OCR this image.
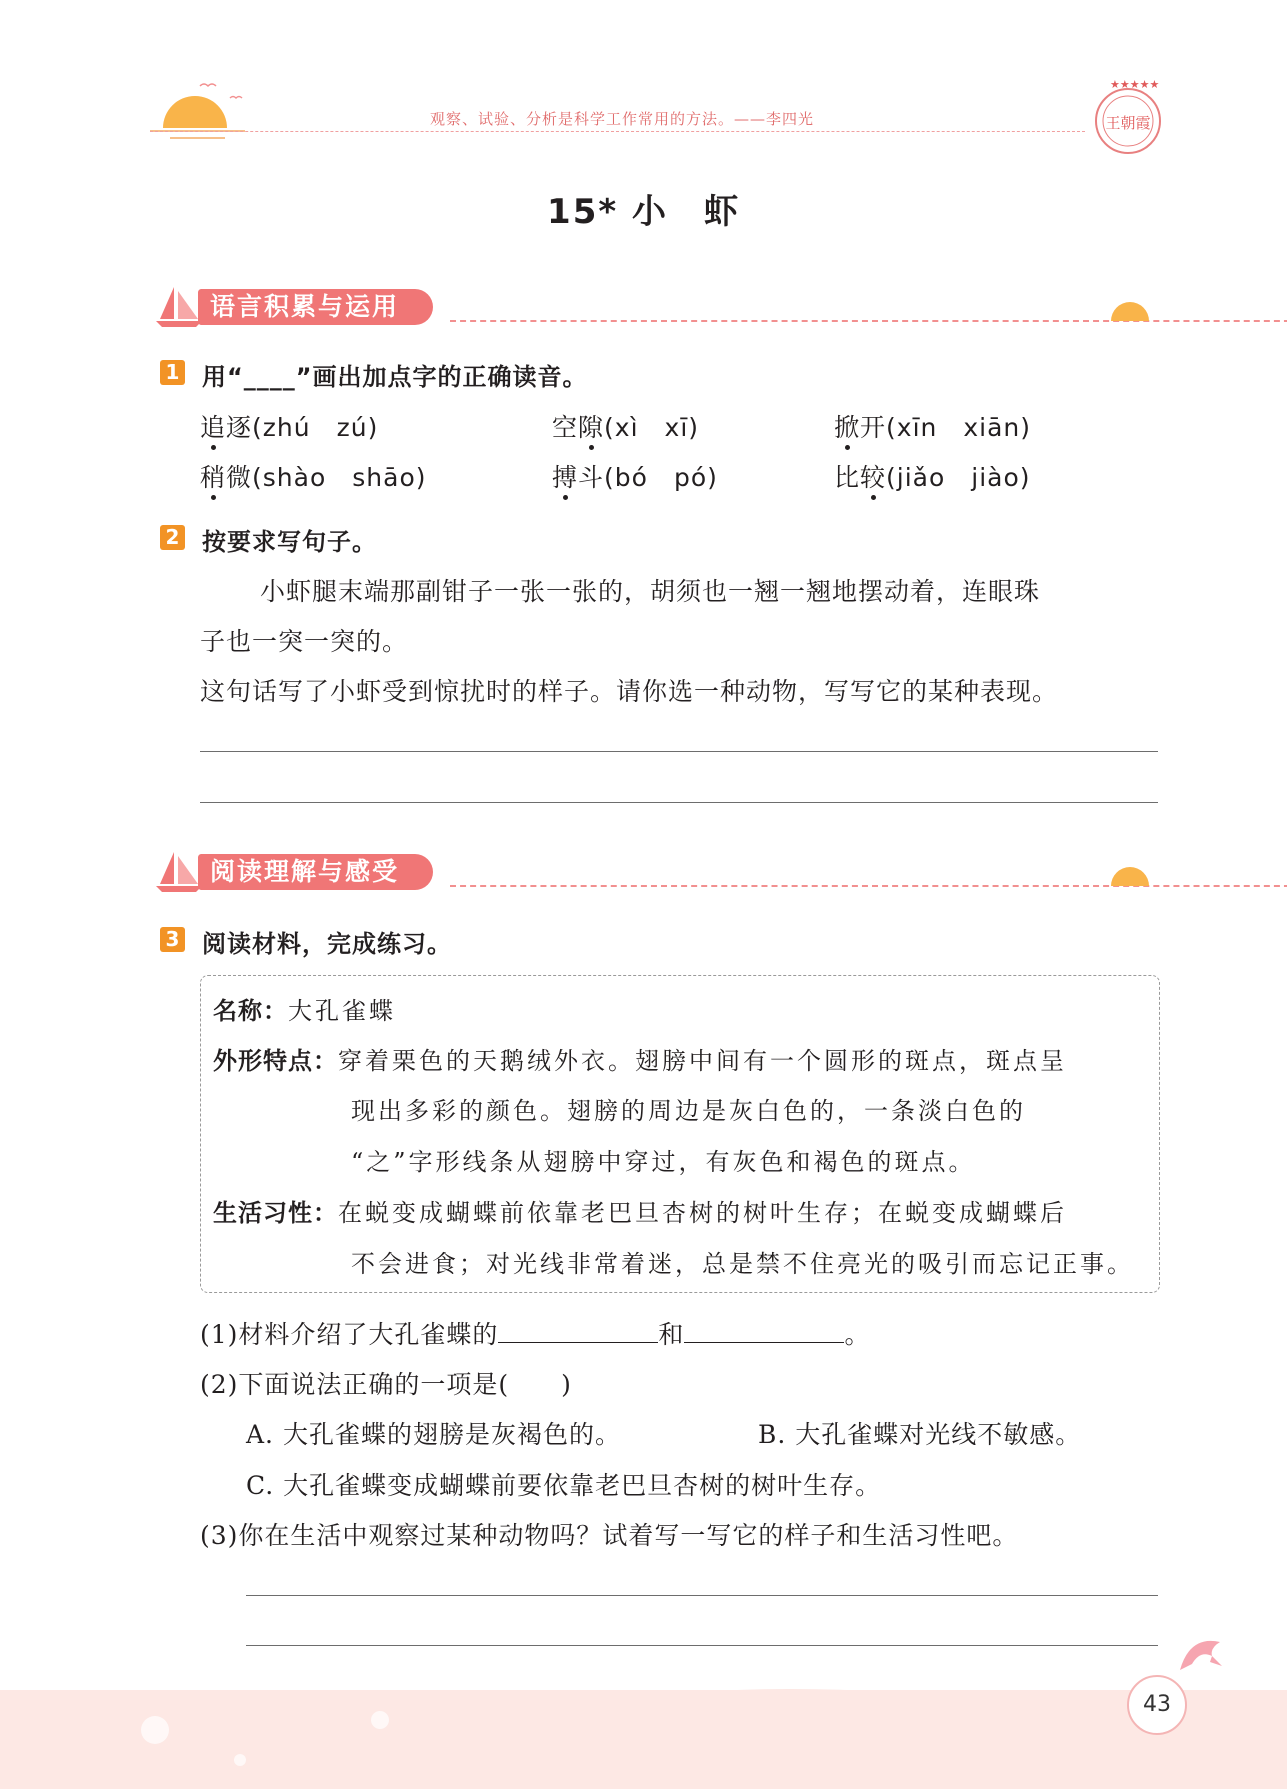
观察、试验、分析是科学工作常用的方法。——李四光
★★★★★
王朝霞
15* 小　虾
语言积累与运用
1 用“____”画出加点字的正确读音。
追逐(zhú　zú)	空隙(xì　xī)	掀开(xīn　xiān)
稍微(shào　shāo)	搏斗(bó　pó)	比较(jiǎo　jiào)
2 按要求写句子。
小虾腿末端那副钳子一张一张的，胡须也一翘一翘地摆动着，连眼珠
子也一突一突的。
这句话写了小虾受到惊扰时的样子。请你选一种动物，写写它的某种表现。
阅读理解与感受
3 阅读材料，完成练习。
名称：大孔雀蝶
外形特点：穿着栗色的天鹅绒外衣。翅膀中间有一个圆形的斑点，斑点呈
现出多彩的颜色。翅膀的周边是灰白色的，一条淡白色的
“之”字形线条从翅膀中穿过，有灰色和褐色的斑点。
生活习性：在蜕变成蝴蝶前依靠老巴旦杏树的树叶生存；在蜕变成蝴蝶后
不会进食；对光线非常着迷，总是禁不住亮光的吸引而忘记正事。
(1)材料介绍了大孔雀蝶的	和	。
(2)下面说法正确的一项是(　　)
A. 大孔雀蝶的翅膀是灰褐色的。	B. 大孔雀蝶对光线不敏感。
C. 大孔雀蝶变成蝴蝶前要依靠老巴旦杏树的树叶生存。
(3)你在生活中观察过某种动物吗？试着写一写它的样子和生活习性吧。
43
